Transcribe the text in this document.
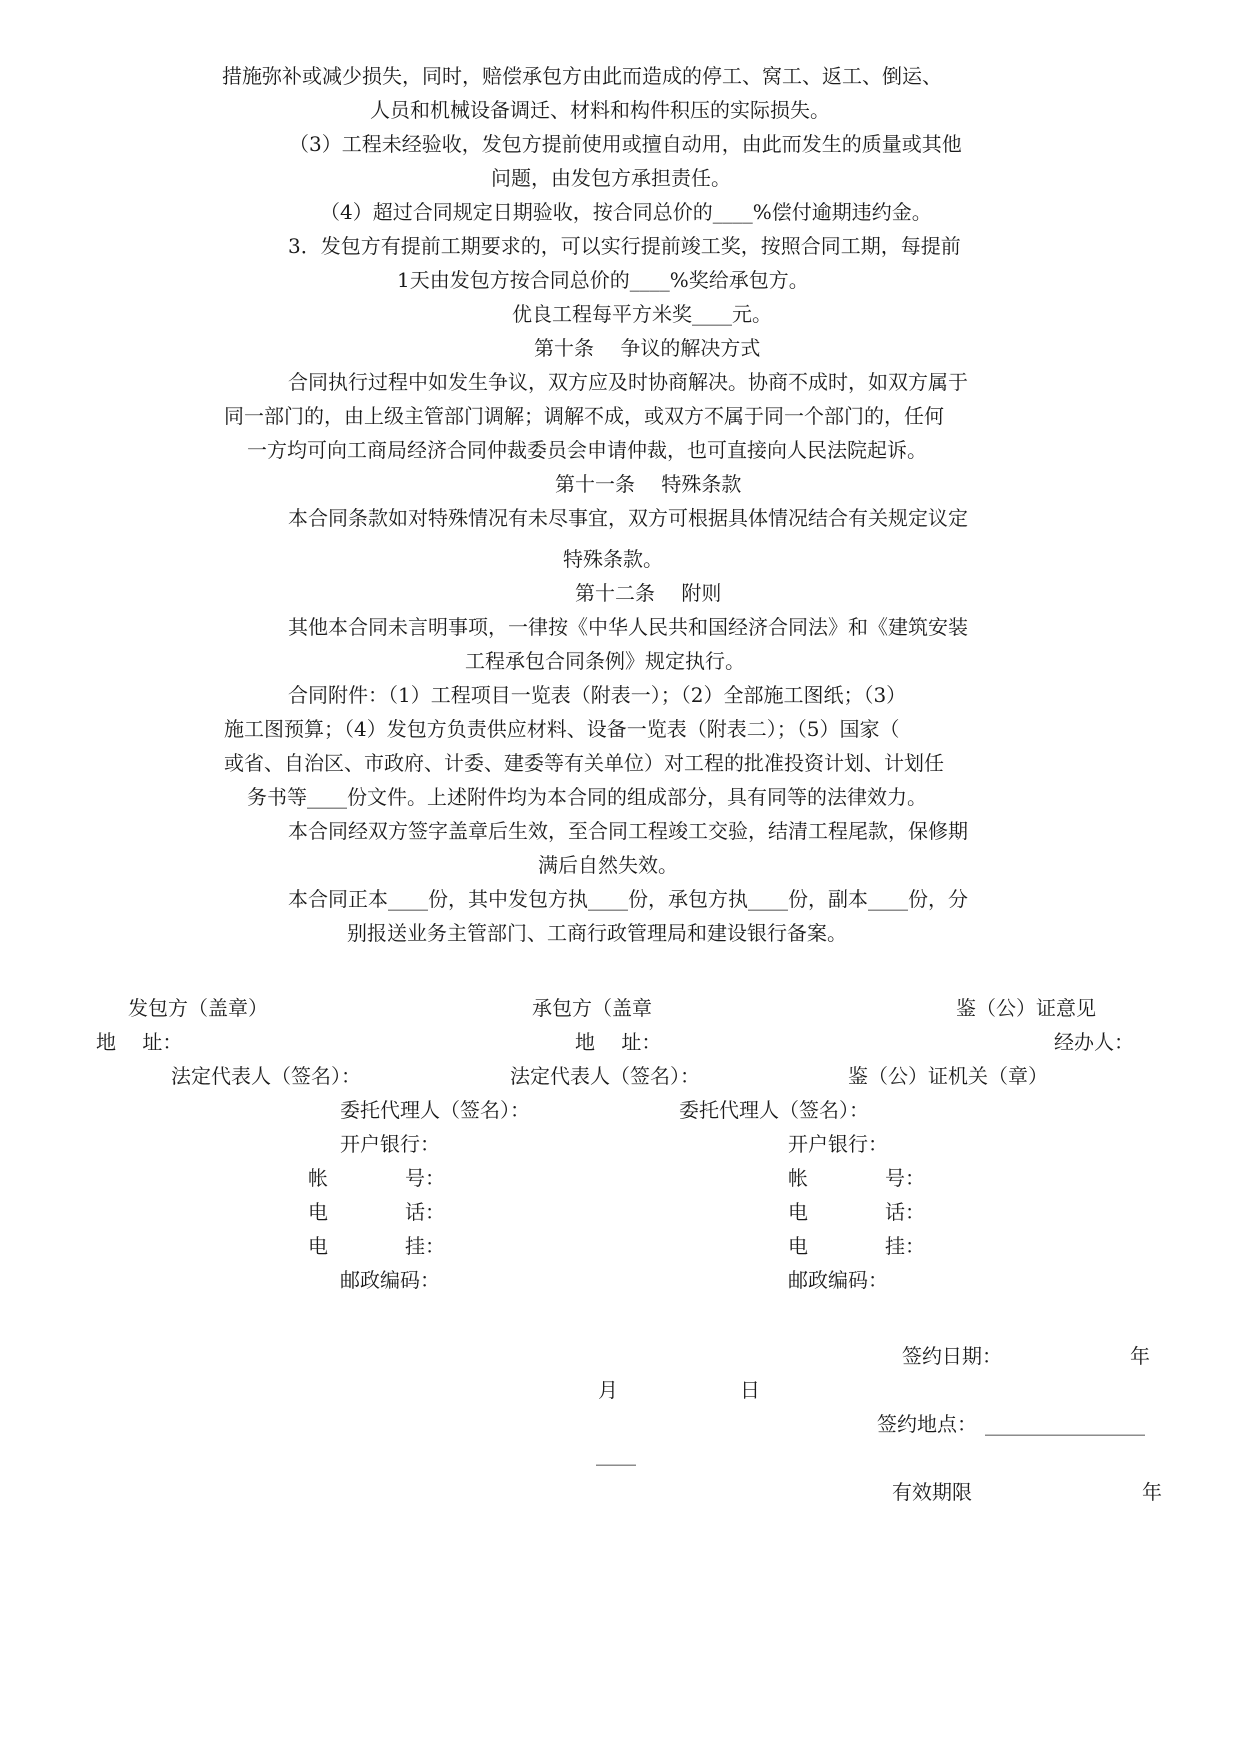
措施弥补或减少损失，同时，赔偿承包方由此而造成的停工、窝工、返工、倒运、

人员和机械设备调迁、材料和构件积压的实际损失。

（3）工程未经验收，发包方提前使用或擅自动用，由此而发生的质量或其他

问题，由发包方承担责任。

（4）超过合同规定日期验收，按合同总价的____%偿付逾期违约金。

3．发包方有提前工期要求的，可以实行提前竣工奖，按照合同工期，每提前

1天由发包方按合同总价的____%奖给承包方。

优良工程每平方米奖____元。

第十条　 争议的解决方式

合同执行过程中如发生争议，双方应及时协商解决。协商不成时，如双方属于

同一部门的，由上级主管部门调解；调解不成，或双方不属于同一个部门的，任何

一方均可向工商局经济合同仲裁委员会申请仲裁，也可直接向人民法院起诉。

第十一条　 特殊条款

本合同条款如对特殊情况有未尽事宜，双方可根据具体情况结合有关规定议定

特殊条款。

第十二条　 附则

其他本合同未言明事项，一律按《中华人民共和国经济合同法》和《建筑安装

工程承包合同条例》规定执行。

合同附件：（1）工程项目一览表（附表一）；（2）全部施工图纸；（3）

施工图预算；（4）发包方负责供应材料、设备一览表（附表二）；（5）国家（

或省、自治区、市政府、计委、建委等有关单位）对工程的批准投资计划、计划任

务书等____份文件。上述附件均为本合同的组成部分，具有同等的法律效力。

本合同经双方签字盖章后生效，至合同工程竣工交验，结清工程尾款，保修期

满后自然失效。

本合同正本____份，其中发包方执____份，承包方执____份，副本____份，分

别报送业务主管部门、工商行政管理局和建设银行备案。

发包方（盖章）	承包方（盖章	鉴（公）证意见

地　 址：	地　 址：	经办人：

法定代表人（签名）：	法定代表人（签名）：	鉴（公）证机关（章）

委托代理人（签名）：	委托代理人（签名）：

开户银行：	开户银行：

帐	号：	帐	号：

电	话：	电	话：

电	挂：	电	挂：

邮政编码：	邮政编码：

签约日期：	年

月	日

签约地点： ________________

____

有效期限	年
